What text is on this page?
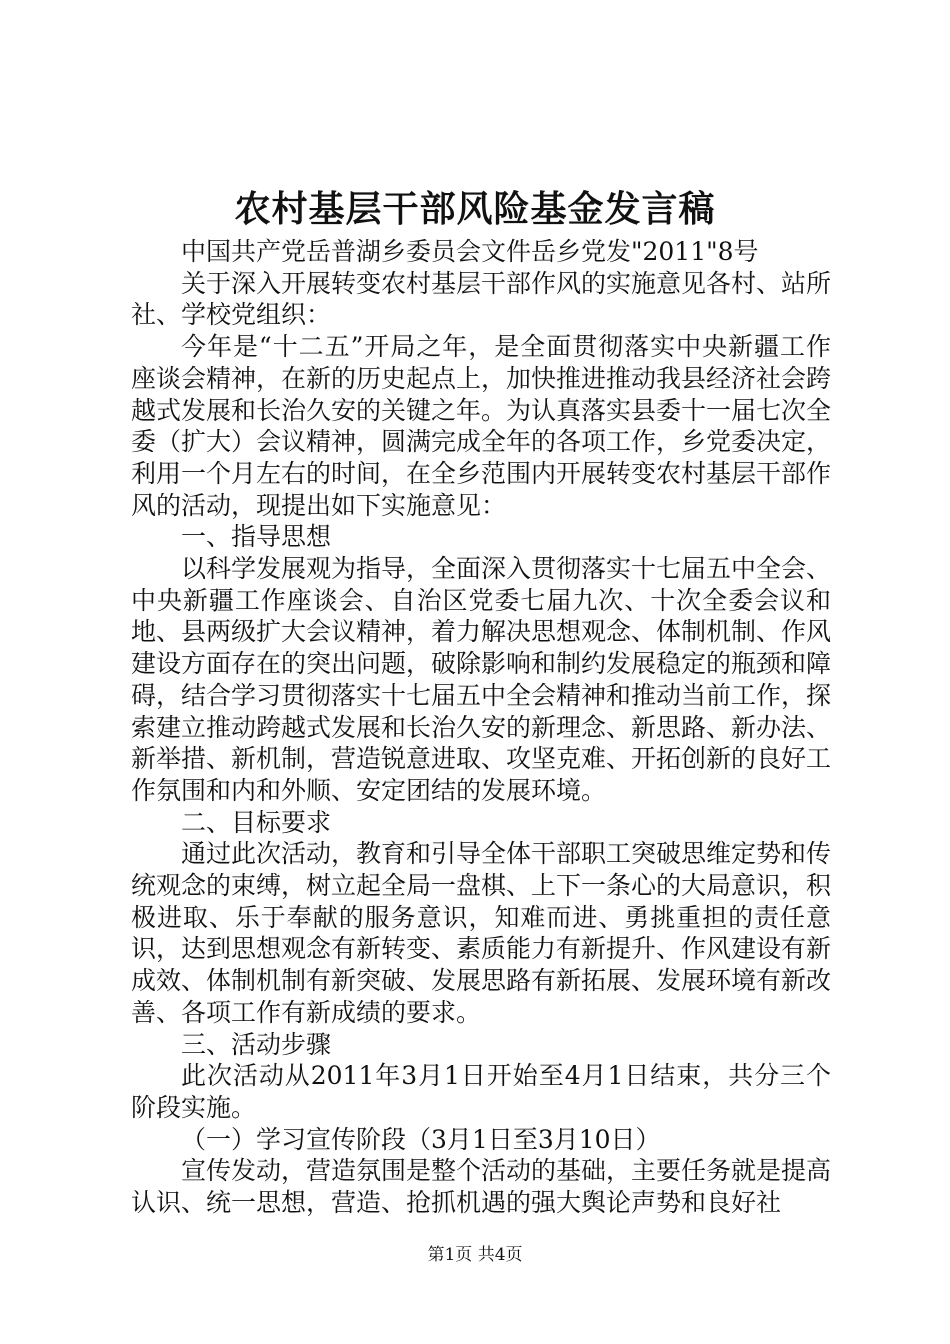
农村基层干部风险基金发言稿

中国共产党岳普湖乡委员会文件岳乡党发"2011"8号

关于深入开展转变农村基层干部作风的实施意见各村、站所社、学校党组织：

今年是“十二五”开局之年，是全面贯彻落实中央新疆工作座谈会精神，在新的历史起点上，加快推进推动我县经济社会跨越式发展和长治久安的关键之年。为认真落实县委十一届七次全委（扩大）会议精神，圆满完成全年的各项工作，乡党委决定，利用一个月左右的时间，在全乡范围内开展转变农村基层干部作风的活动，现提出如下实施意见：

一、指导思想

以科学发展观为指导，全面深入贯彻落实十七届五中全会、中央新疆工作座谈会、自治区党委七届九次、十次全委会议和地、县两级扩大会议精神，着力解决思想观念、体制机制、作风建设方面存在的突出问题，破除影响和制约发展稳定的瓶颈和障碍，结合学习贯彻落实十七届五中全会精神和推动当前工作，探索建立推动跨越式发展和长治久安的新理念、新思路、新办法、新举措、新机制，营造锐意进取、攻坚克难、开拓创新的良好工作氛围和内和外顺、安定团结的发展环境。

二、目标要求

通过此次活动，教育和引导全体干部职工突破思维定势和传统观念的束缚，树立起全局一盘棋、上下一条心的大局意识，积极进取、乐于奉献的服务意识，知难而进、勇挑重担的责任意识，达到思想观念有新转变、素质能力有新提升、作风建设有新成效、体制机制有新突破、发展思路有新拓展、发展环境有新改善、各项工作有新成绩的要求。

三、活动步骤

此次活动从2011年3月1日开始至4月1日结束，共分三个阶段实施。

（一）学习宣传阶段（3月1日至3月10日）

宣传发动，营造氛围是整个活动的基础，主要任务就是提高认识、统一思想，营造、抢抓机遇的强大舆论声势和良好社

第1页 共4页
